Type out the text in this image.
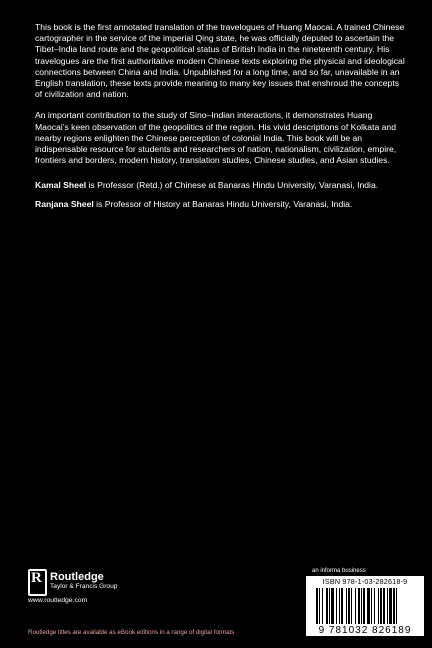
This book is the first annotated translation of the travelogues of Huang Maocai. A trained Chinese cartographer in the service of the imperial Qing state, he was officially deputed to ascertain the Tibet–India land route and the geopolitical status of British India in the nineteenth century. His travelogues are the first authoritative modern Chinese texts exploring the physical and ideological connections between China and India. Unpublished for a long time, and so far, unavailable in an English translation, these texts provide meaning to many key issues that enshroud the concepts of civilization and nation.

An important contribution to the study of Sino–Indian interactions, it demonstrates Huang Maocai’s keen observation of the geopolitics of the region. His vivid descriptions of Kolkata and nearby regions enlighten the Chinese perception of colonial India. This book will be an indispensable resource for students and researchers of nation, nationalism, civilization, empire, frontiers and borders, modern history, translation studies, Chinese studies, and Asian studies.

Kamal Sheel is Professor (Retd.) of Chinese at Banaras Hindu University, Varanasi, India.
Ranjana Sheel is Professor of History at Banaras Hindu University, Varanasi, India.
R Routledge
Taylor & Francis Group
www.routledge.com
Routledge titles are available as eBook editions in a range of digital formats
an informa business
ISBN 978-1-03-282618-9
9 781032 826189
